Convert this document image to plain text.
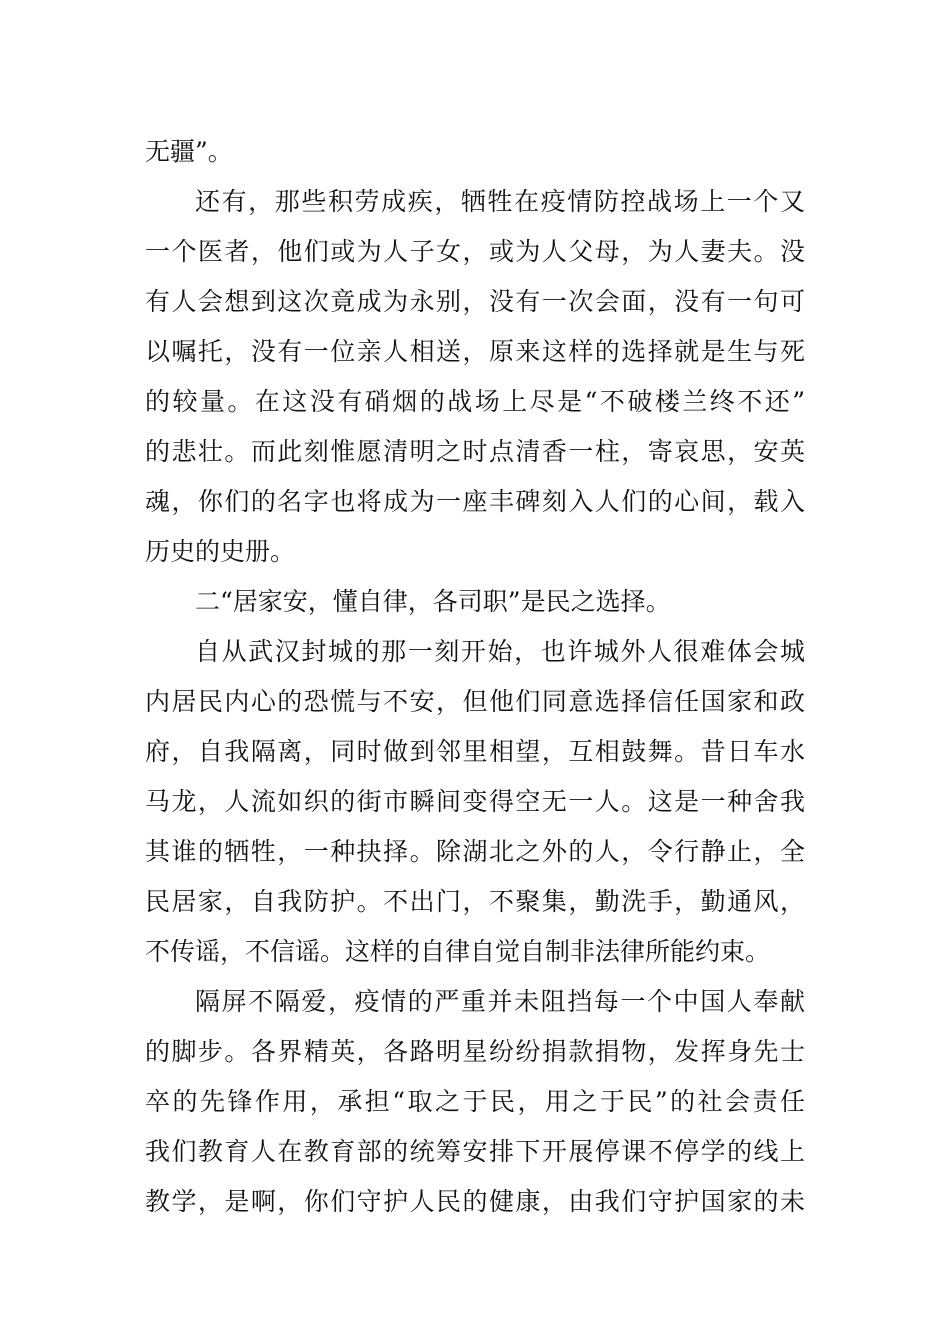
无疆”。
还有，那些积劳成疾，牺牲在疫情防控战场上一个又
一个医者，他们或为人子女，或为人父母，为人妻夫。没
有人会想到这次竟成为永别，没有一次会面，没有一句可
以嘱托，没有一位亲人相送，原来这样的选择就是生与死
的较量。在这没有硝烟的战场上尽是“不破楼兰终不还”
的悲壮。而此刻惟愿清明之时点清香一柱，寄哀思，安英
魂，你们的名字也将成为一座丰碑刻入人们的心间，载入
历史的史册。
二“居家安，懂自律，各司职”是民之选择。
自从武汉封城的那一刻开始，也许城外人很难体会城
内居民内心的恐慌与不安，但他们同意选择信任国家和政
府，自我隔离，同时做到邻里相望，互相鼓舞。昔日车水
马龙，人流如织的街市瞬间变得空无一人。这是一种舍我
其谁的牺牲，一种抉择。除湖北之外的人，令行静止，全
民居家，自我防护。不出门，不聚集，勤洗手，勤通风，
不传谣，不信谣。这样的自律自觉自制非法律所能约束。
隔屏不隔爱，疫情的严重并未阻挡每一个中国人奉献
的脚步。各界精英，各路明星纷纷捐款捐物，发挥身先士
卒的先锋作用，承担“取之于民，用之于民”的社会责任
我们教育人在教育部的统筹安排下开展停课不停学的线上
教学，是啊，你们守护人民的健康，由我们守护国家的未
